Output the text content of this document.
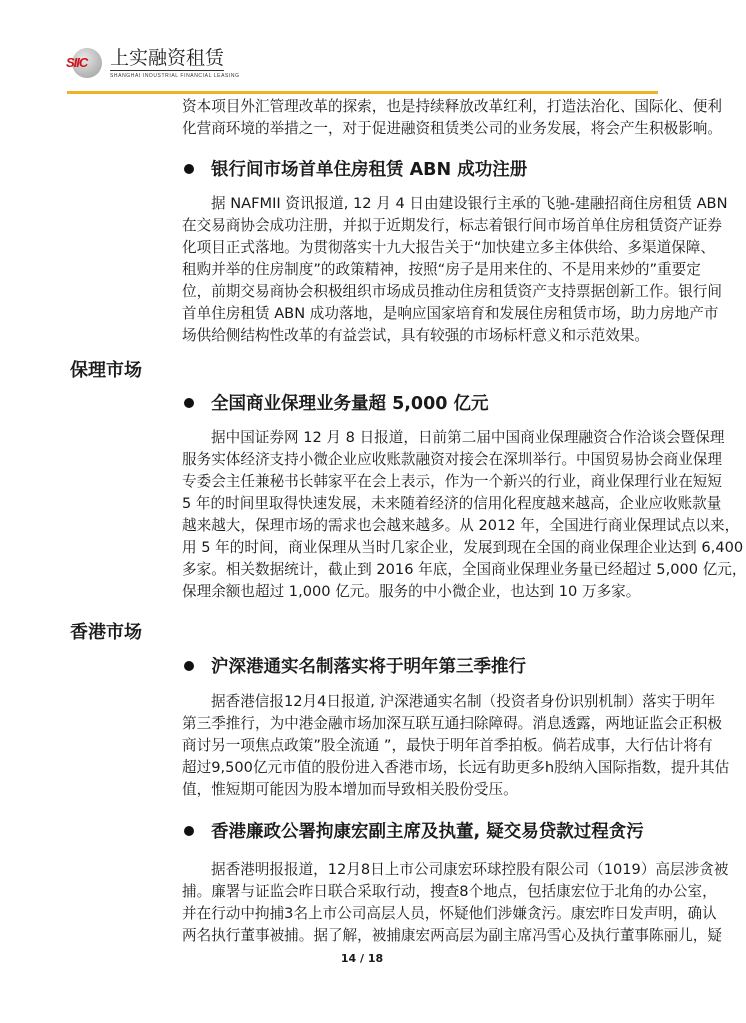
SIIC 上实融资租赁
SHANGHAI INDUSTRIAL FINANCIAL LEASING
资本项目外汇管理改革的探索，也是持续释放改革红利，打造法治化、国际化、便利
化营商环境的举措之一，对于促进融资租赁类公司的业务发展，将会产生积极影响。
银行间市场首单住房租赁 ABN 成功注册
据 NAFMII 资讯报道, 12 月 4 日由建设银行主承的飞驰-建融招商住房租赁 ABN
在交易商协会成功注册，并拟于近期发行，标志着银行间市场首单住房租赁资产证券
化项目正式落地。为贯彻落实十九大报告关于“加快建立多主体供给、多渠道保障、
租购并举的住房制度”的政策精神，按照“房子是用来住的、不是用来炒的”重要定
位，前期交易商协会积极组织市场成员推动住房租赁资产支持票据创新工作。银行间
首单住房租赁 ABN 成功落地，是响应国家培育和发展住房租赁市场，助力房地产市
场供给侧结构性改革的有益尝试，具有较强的市场标杆意义和示范效果。
保理市场
全国商业保理业务量超 5,000 亿元
据中国证券网 12 月 8 日报道，日前第二届中国商业保理融资合作洽谈会暨保理
服务实体经济支持小微企业应收账款融资对接会在深圳举行。中国贸易协会商业保理
专委会主任兼秘书长韩家平在会上表示，作为一个新兴的行业，商业保理行业在短短
5 年的时间里取得快速发展，未来随着经济的信用化程度越来越高，企业应收账款量
越来越大，保理市场的需求也会越来越多。从 2012 年，全国进行商业保理试点以来，
用 5 年的时间，商业保理从当时几家企业，发展到现在全国的商业保理企业达到 6,400
多家。相关数据统计，截止到 2016 年底，全国商业保理业务量已经超过 5,000 亿元，
保理余额也超过 1,000 亿元。服务的中小微企业，也达到 10 万多家。
香港市场
沪深港通实名制落实将于明年第三季推行
据香港信报12月4日报道, 沪深港通实名制（投资者身份识别机制）落实于明年
第三季推行，为中港金融市场加深互联互通扫除障碍。消息透露，两地证监会正积极
商讨另一项焦点政策”股全流通 ”，最快于明年首季拍板。倘若成事，大行估计将有
超过9,500亿元市值的股份进入香港市场，长远有助更多h股纳入国际指数，提升其估
值，惟短期可能因为股本增加而导致相关股份受压。
香港廉政公署拘康宏副主席及执董, 疑交易贷款过程贪污
据香港明报报道，12月8日上市公司康宏环球控股有限公司（1019）高层涉贪被
捕。廉署与证监会昨日联合采取行动，搜查8个地点，包括康宏位于北角的办公室，
并在行动中拘捕3名上市公司高层人员，怀疑他们涉嫌贪污。康宏昨日发声明，确认
两名执行董事被捕。据了解，被捕康宏两高层为副主席冯雪心及执行董事陈丽儿，疑
14 / 18
